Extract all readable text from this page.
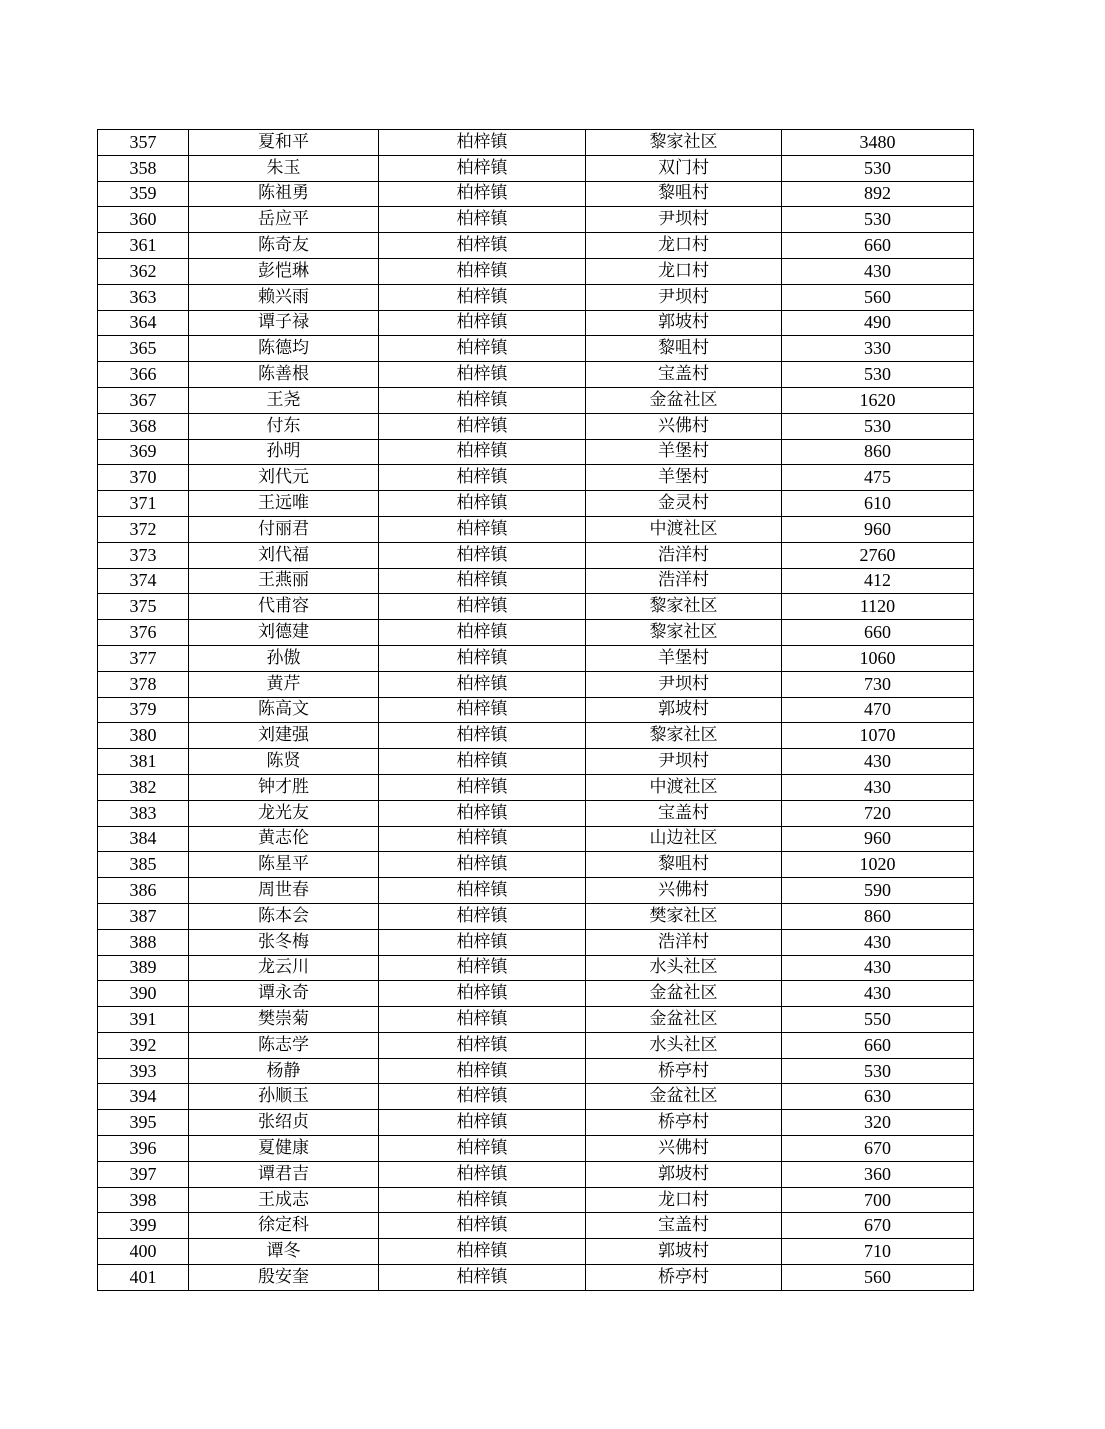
357	夏和平	柏梓镇	黎家社区	3480
358	朱玉	柏梓镇	双门村	530
359	陈祖勇	柏梓镇	黎咀村	892
360	岳应平	柏梓镇	尹坝村	530
361	陈奇友	柏梓镇	龙口村	660
362	彭恺琳	柏梓镇	龙口村	430
363	赖兴雨	柏梓镇	尹坝村	560
364	谭子禄	柏梓镇	郭坡村	490
365	陈德均	柏梓镇	黎咀村	330
366	陈善根	柏梓镇	宝盖村	530
367	王尧	柏梓镇	金盆社区	1620
368	付东	柏梓镇	兴佛村	530
369	孙明	柏梓镇	羊堡村	860
370	刘代元	柏梓镇	羊堡村	475
371	王远唯	柏梓镇	金灵村	610
372	付丽君	柏梓镇	中渡社区	960
373	刘代福	柏梓镇	浩洋村	2760
374	王燕丽	柏梓镇	浩洋村	412
375	代甫容	柏梓镇	黎家社区	1120
376	刘德建	柏梓镇	黎家社区	660
377	孙傲	柏梓镇	羊堡村	1060
378	黄芹	柏梓镇	尹坝村	730
379	陈高文	柏梓镇	郭坡村	470
380	刘建强	柏梓镇	黎家社区	1070
381	陈贤	柏梓镇	尹坝村	430
382	钟才胜	柏梓镇	中渡社区	430
383	龙光友	柏梓镇	宝盖村	720
384	黄志伦	柏梓镇	山边社区	960
385	陈星平	柏梓镇	黎咀村	1020
386	周世春	柏梓镇	兴佛村	590
387	陈本会	柏梓镇	樊家社区	860
388	张冬梅	柏梓镇	浩洋村	430
389	龙云川	柏梓镇	水头社区	430
390	谭永奇	柏梓镇	金盆社区	430
391	樊崇菊	柏梓镇	金盆社区	550
392	陈志学	柏梓镇	水头社区	660
393	杨静	柏梓镇	桥亭村	530
394	孙顺玉	柏梓镇	金盆社区	630
395	张绍贞	柏梓镇	桥亭村	320
396	夏健康	柏梓镇	兴佛村	670
397	谭君吉	柏梓镇	郭坡村	360
398	王成志	柏梓镇	龙口村	700
399	徐定科	柏梓镇	宝盖村	670
400	谭冬	柏梓镇	郭坡村	710
401	殷安奎	柏梓镇	桥亭村	560
